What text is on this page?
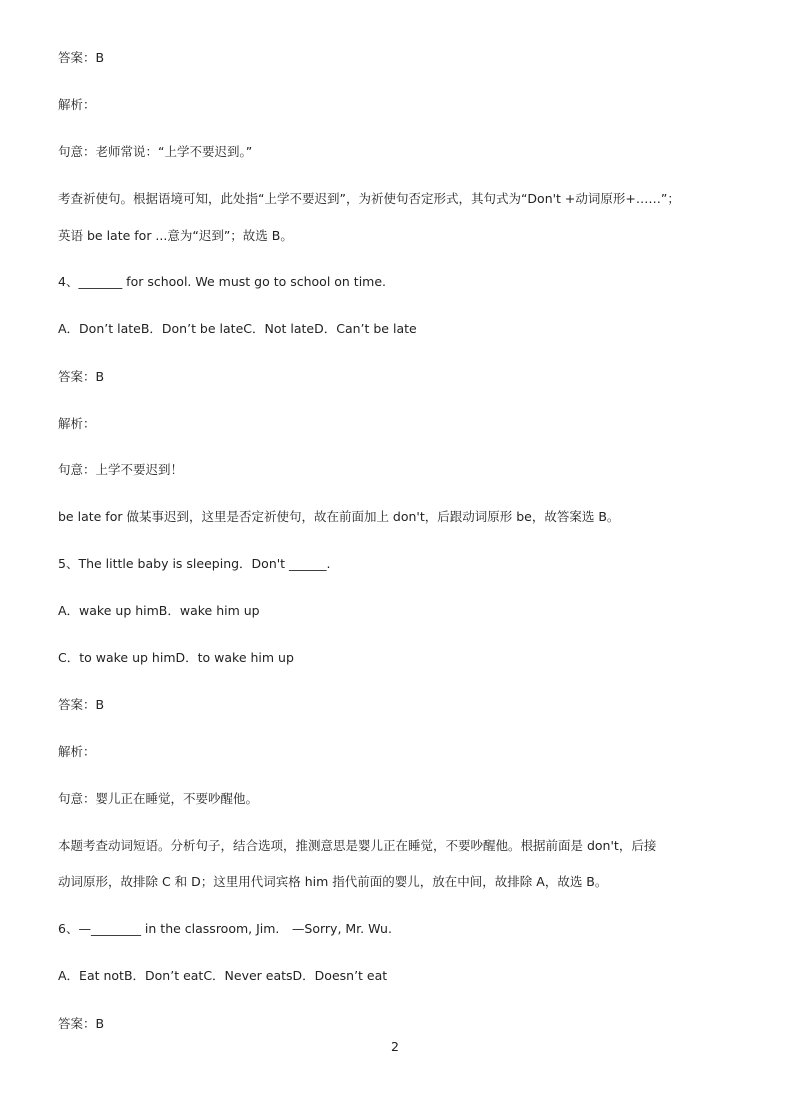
答案：B
解析：
句意：老师常说：“上学不要迟到。”
考查祈使句。根据语境可知，此处指“上学不要迟到”，为祈使句否定形式，其句式为“Don't +动词原形+……”；
英语 be late for ...意为“迟到”；故选 B。
4、_______ for school. We must go to school on time.
A．Don’t lateB．Don’t be lateC．Not lateD．Can’t be late
答案：B
解析：
句意：上学不要迟到！
be late for 做某事迟到，这里是否定祈使句，故在前面加上 don't，后跟动词原形 be，故答案选 B。
5、The little baby is sleeping．Don't ______.
A．wake up himB．wake him up
C．to wake up himD．to wake him up
答案：B
解析：
句意：婴儿正在睡觉，不要吵醒他。
本题考查动词短语。分析句子，结合选项，推测意思是婴儿正在睡觉，不要吵醒他。根据前面是 don't，后接
动词原形，故排除 C 和 D；这里用代词宾格 him 指代前面的婴儿，放在中间，故排除 A，故选 B。
6、—________ in the classroom, Jim.　—Sorry, Mr. Wu.
A．Eat notB．Don’t eatC．Never eatsD．Doesn’t eat
答案：B
2
